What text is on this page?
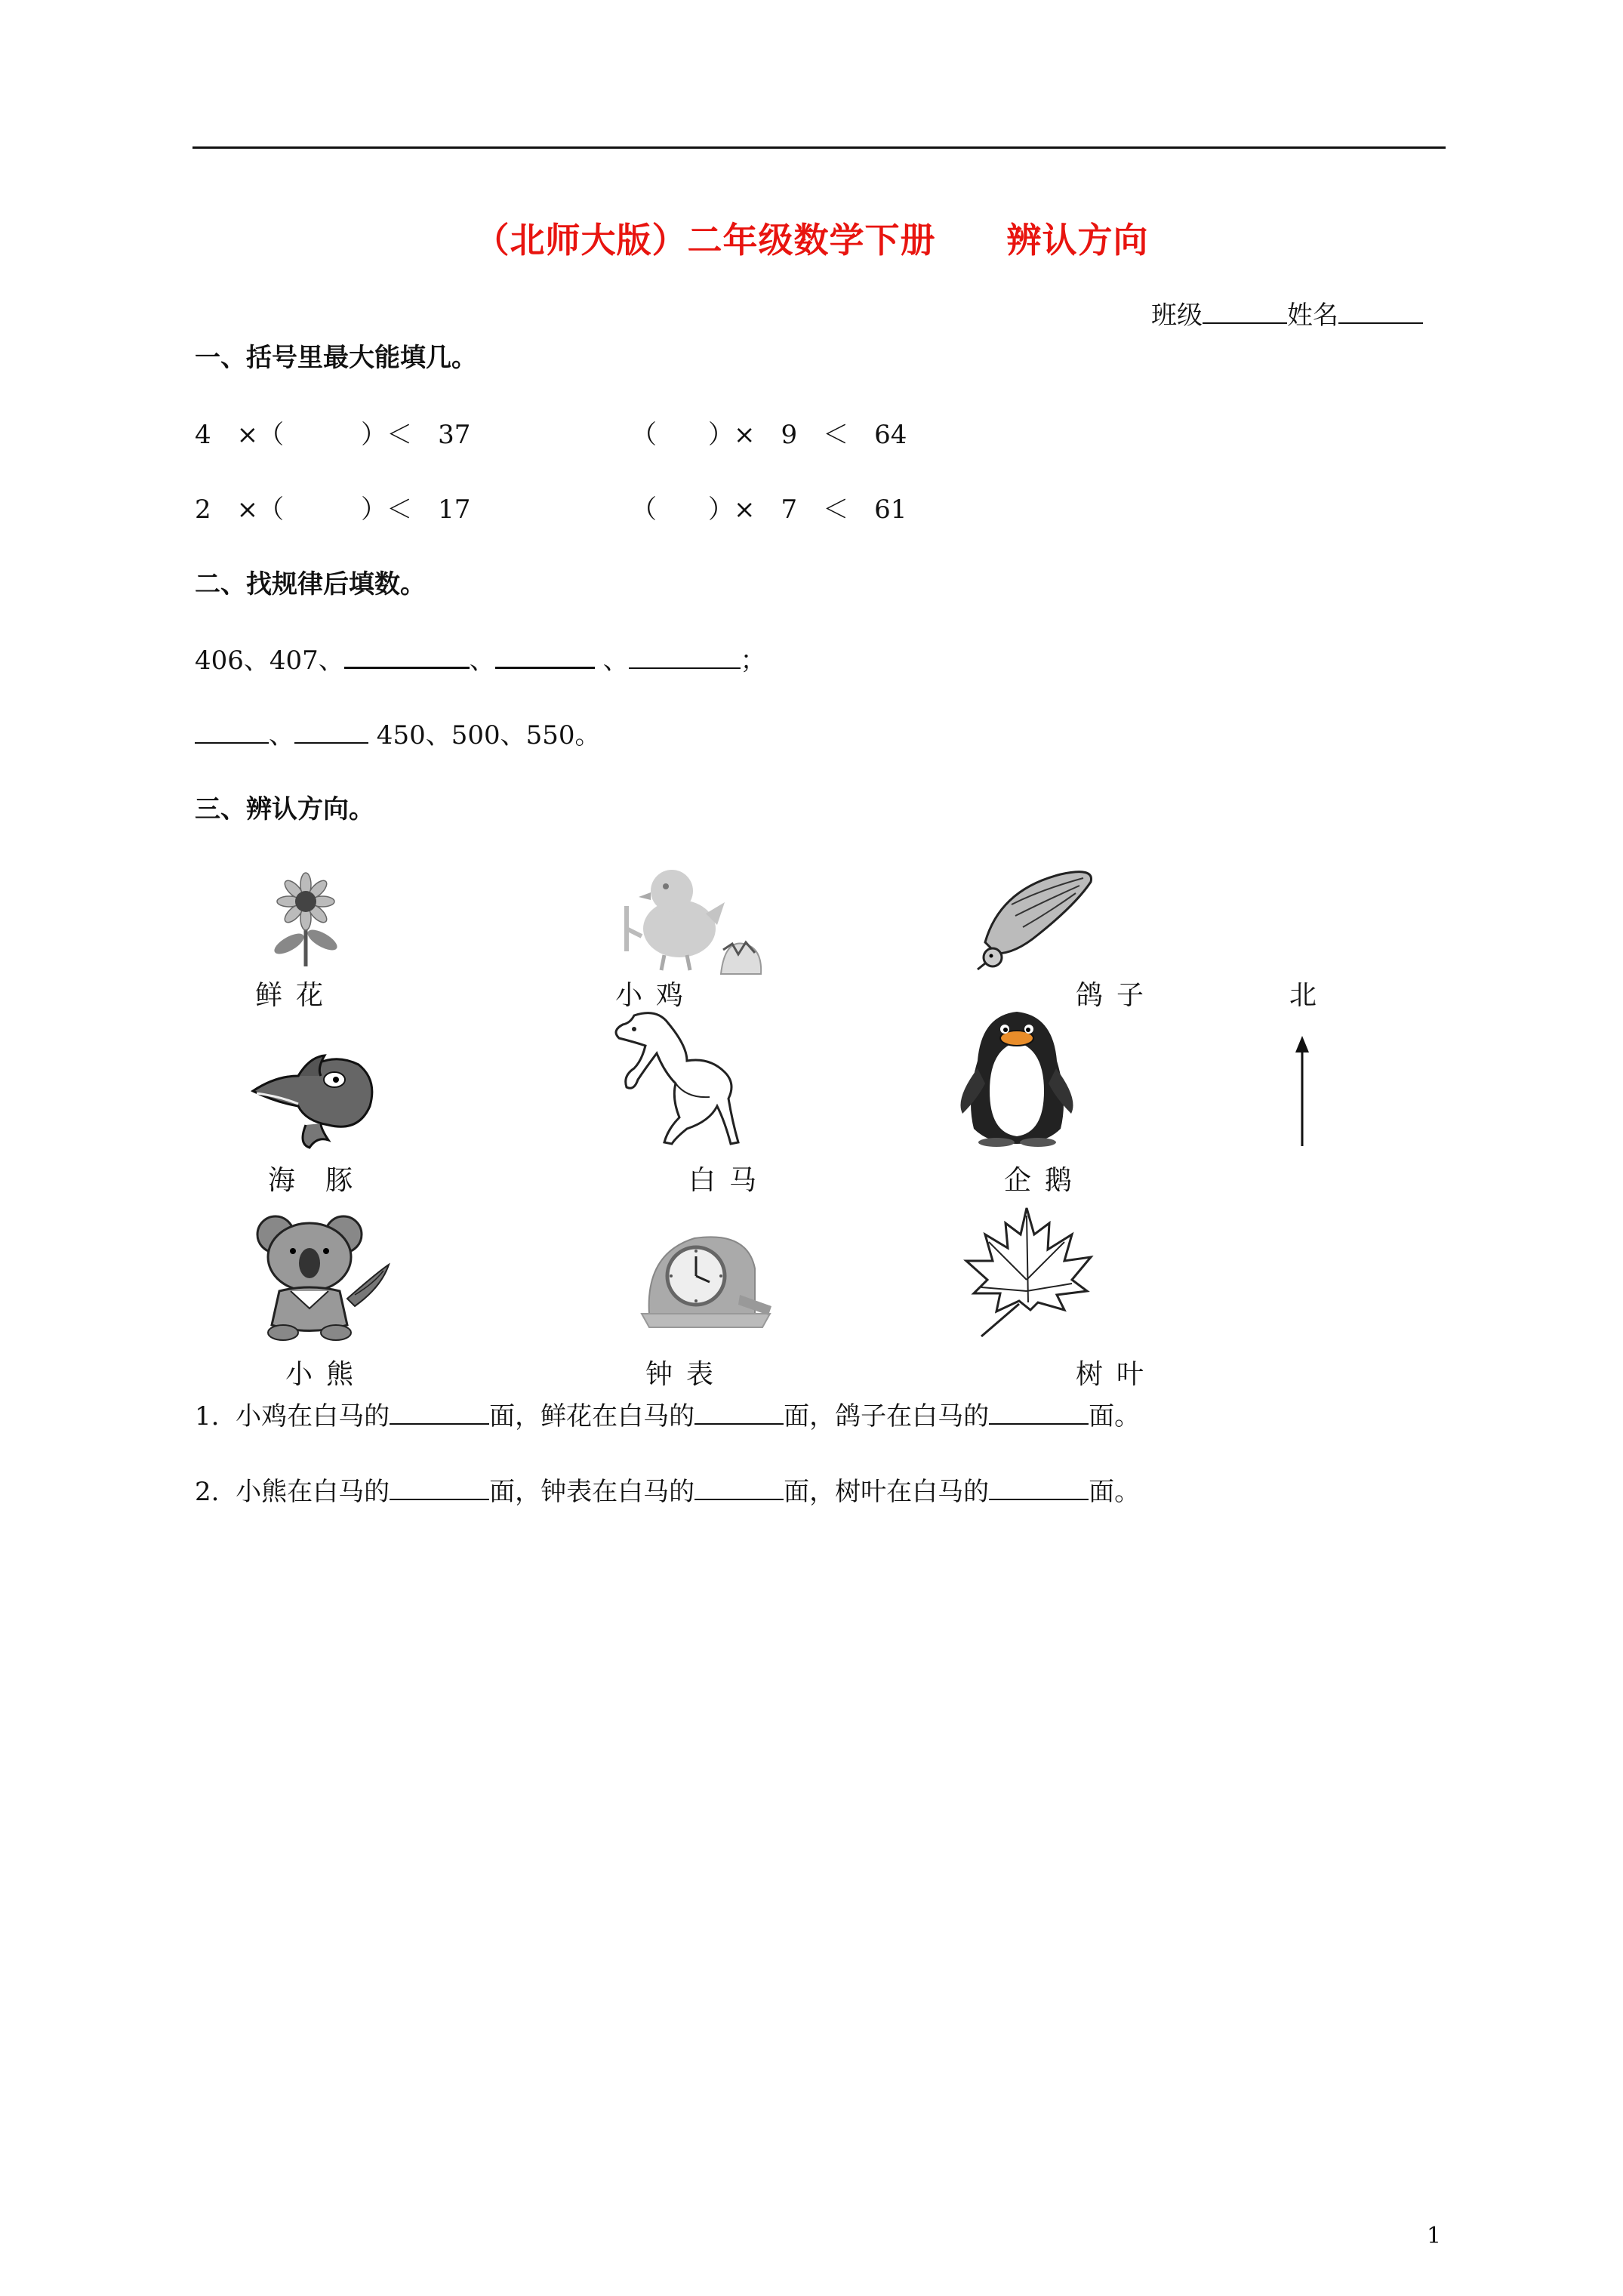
（北师大版）二年级数学下册　　辨认方向
班级	姓名
一、括号里最大能填几。
4　×（　　　）＜　37	（　　）×　9　＜　64
2　×（　　　）＜　17	（　　）×　7　＜　61
二、找规律后填数。
406、407、	、	、	；
、	450、500、550。
三、辨认方向。
鲜花	小鸡	鸽子	北
海豚	白马	企鹅
小熊	钟表	树叶
1. 小鸡在白马的	面，鲜花在白马的	面，鸽子在白马的	面。
2. 小熊在白马的	面，钟表在白马的	面，树叶在白马的	面。
1
